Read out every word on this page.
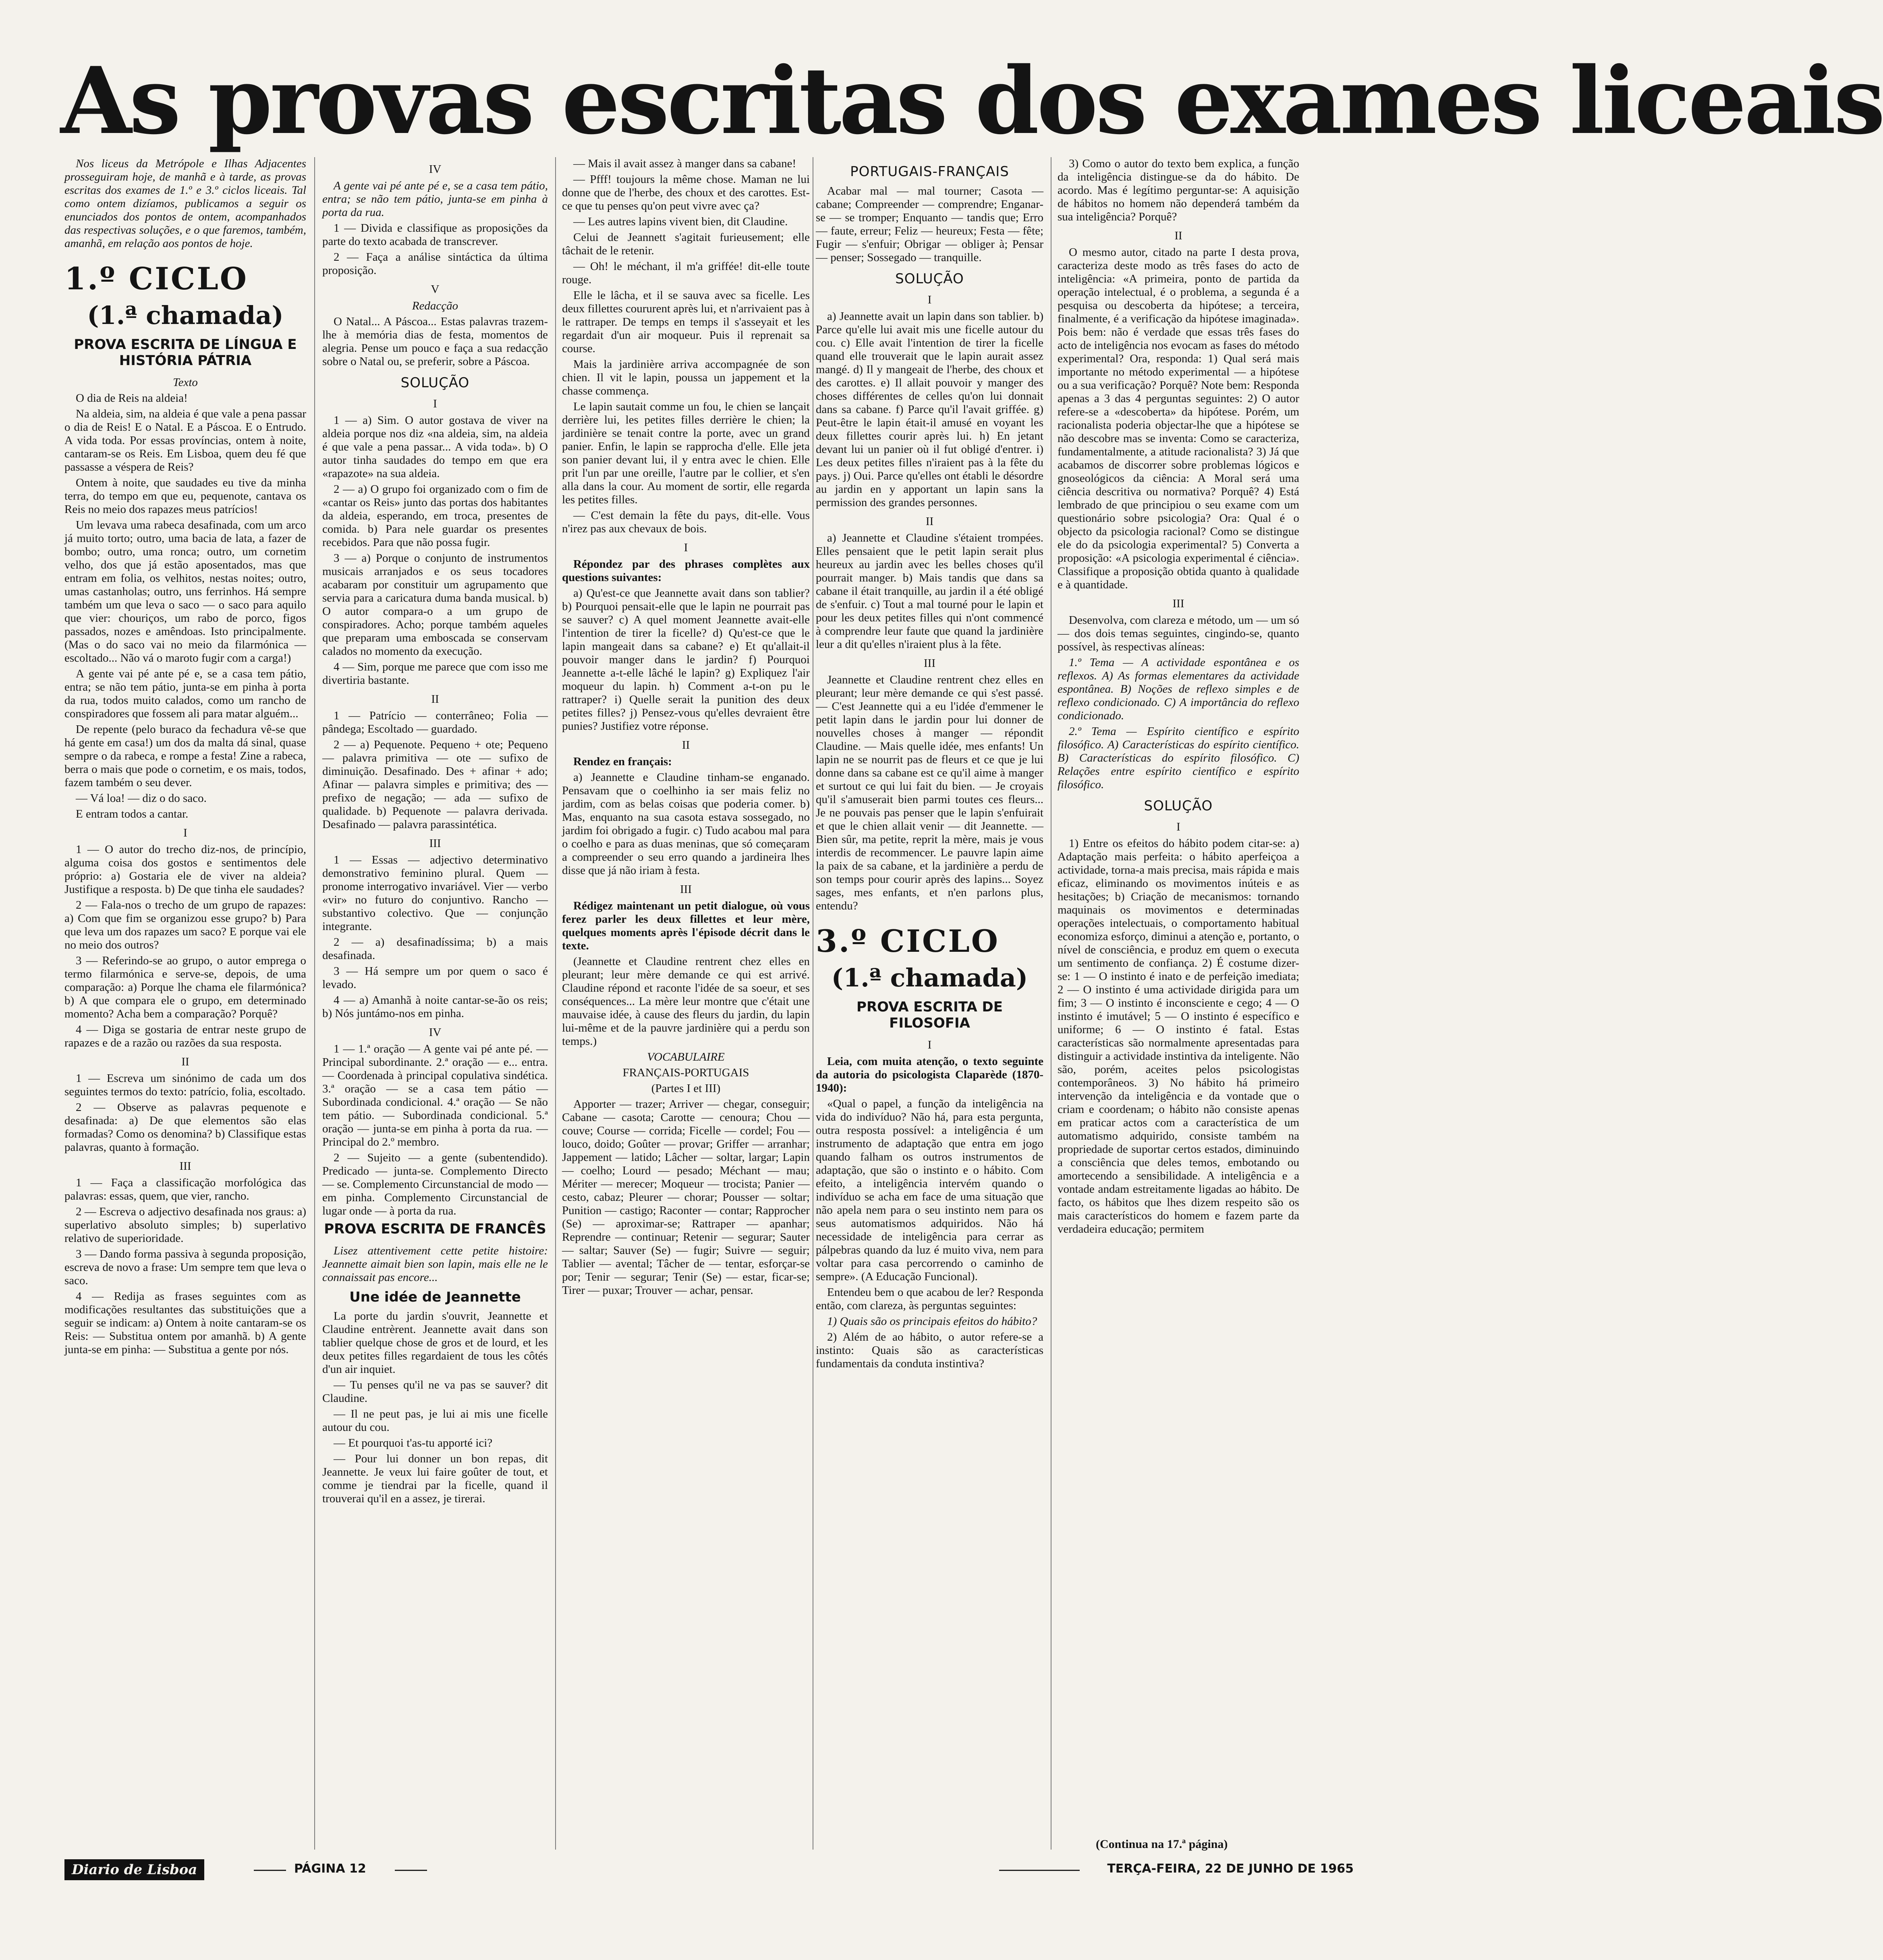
As provas escritas dos exames liceais

Nos liceus da Metrópole e Ilhas Adjacentes prosseguiram hoje, de manhã e à tarde, as provas escritas dos exames de 1.º e 3.º ciclos liceais. Tal como ontem dizíamos, publicamos a seguir os enunciados dos pontos de ontem, acompanhados das respectivas soluções, e o que faremos, também, amanhã, em relação aos pontos de hoje.

1.º CICLO
(1.ª chamada)
PROVA ESCRITA DE LÍNGUA E HISTÓRIA PÁTRIA

Texto

O dia de Reis na aldeia!

Na aldeia, sim, na aldeia é que vale a pena passar o dia de Reis! E o Natal. E a Páscoa. E o Entrudo. A vida toda. Por essas províncias, ontem à noite, cantaram-se os Reis. Em Lisboa, quem deu fé que passasse a véspera de Reis?

Ontem à noite, que saudades eu tive da minha terra, do tempo em que eu, pequenote, cantava os Reis no meio dos rapazes meus patrícios!

Um levava uma rabeca desafinada, com um arco já muito torto; outro, uma bacia de lata, a fazer de bombo; outro, uma ronca; outro, um cornetim velho, dos que já estão aposentados, mas que entram em folia, os velhitos, nestas noites; outro, umas castanholas; outro, uns ferrinhos. Há sempre também um que leva o saco — o saco para aquilo que vier: chouriços, um rabo de porco, figos passados, nozes e amêndoas. Isto principalmente. (Mas o do saco vai no meio da filarmónica — escoltado... Não vá o maroto fugir com a carga!)

A gente vai pé ante pé e, se a casa tem pátio, entra; se não tem pátio, junta-se em pinha à porta da rua, todos muito calados, como um rancho de conspiradores que fossem ali para matar alguém...

De repente (pelo buraco da fechadura vê-se que há gente em casa!) um dos da malta dá sinal, quase sempre o da rabeca, e rompe a festa! Zine a rabeca, berra o mais que pode o cornetim, e os mais, todos, fazem também o seu dever.

— Vá loa! — diz o do saco.

E entram todos a cantar.

I

1 — O autor do trecho diz-nos, de princípio, alguma coisa dos gostos e sentimentos dele próprio: a) Gostaria ele de viver na aldeia? Justifique a resposta. b) De que tinha ele saudades?

2 — Fala-nos o trecho de um grupo de rapazes: a) Com que fim se organizou esse grupo? b) Para que leva um dos rapazes um saco? E porque vai ele no meio dos outros?

3 — Referindo-se ao grupo, o autor emprega o termo filarmónica e serve-se, depois, de uma comparação: a) Porque lhe chama ele filarmónica? b) A que compara ele o grupo, em determinado momento? Acha bem a comparação? Porquê?

4 — Diga se gostaria de entrar neste grupo de rapazes e de a razão ou razões da sua resposta.

II

1 — Escreva um sinónimo de cada um dos seguintes termos do texto: patrício, folia, escoltado.

2 — Observe as palavras pequenote e desafinada: a) De que elementos são elas formadas? Como os denomina? b) Classifique estas palavras, quanto à formação.

III

1 — Faça a classificação morfológica das palavras: essas, quem, que vier, rancho.

2 — Escreva o adjectivo desafinada nos graus: a) superlativo absoluto simples; b) superlativo relativo de superioridade.

3 — Dando forma passiva à segunda proposição, escreva de novo a frase: Um sempre tem que leva o saco.

4 — Redija as frases seguintes com as modificações resultantes das substituições que a seguir se indicam: a) Ontem à noite cantaram-se os Reis: — Substitua ontem por amanhã. b) A gente junta-se em pinha: — Substitua a gente por nós.

IV

A gente vai pé ante pé e, se a casa tem pátio, entra; se não tem pátio, junta-se em pinha à porta da rua.

1 — Divida e classifique as proposições da parte do texto acabada de transcrever.

2 — Faça a análise sintáctica da última proposição.

V

Redacção

O Natal... A Páscoa... Estas palavras trazem-lhe à memória dias de festa, momentos de alegria. Pense um pouco e faça a sua redacção sobre o Natal ou, se preferir, sobre a Páscoa.

SOLUÇÃO
I

1 — a) Sim. O autor gostava de viver na aldeia porque nos diz «na aldeia, sim, na aldeia é que vale a pena passar... A vida toda». b) O autor tinha saudades do tempo em que era «rapazote» na sua aldeia.

2 — a) O grupo foi organizado com o fim de «cantar os Reis» junto das portas dos habitantes da aldeia, esperando, em troca, presentes de comida. b) Para nele guardar os presentes recebidos. Para que não possa fugir.

3 — a) Porque o conjunto de instrumentos musicais arranjados e os seus tocadores acabaram por constituir um agrupamento que servia para a caricatura duma banda musical. b) O autor compara-o a um grupo de conspiradores. Acho; porque também aqueles que preparam uma emboscada se conservam calados no momento da execução.

4 — Sim, porque me parece que com isso me divertiria bastante.

II

1 — Patrício — conterrâneo; Folia — pândega; Escoltado — guardado.

2 — a) Pequenote. Pequeno + ote; Pequeno — palavra primitiva — ote — sufixo de diminuição. Desafinado. Des + afinar + ado; Afinar — palavra simples e primitiva; des — prefixo de negação; — ada — sufixo de qualidade. b) Pequenote — palavra derivada. Desafinado — palavra parassintética.

III

1 — Essas — adjectivo determinativo demonstrativo feminino plural. Quem — pronome interrogativo invariável. Vier — verbo «vir» no futuro do conjuntivo. Rancho — substantivo colectivo. Que — conjunção integrante.

2 — a) desafinadíssima; b) a mais desafinada.

3 — Há sempre um por quem o saco é levado.

4 — a) Amanhã à noite cantar-se-ão os reis; b) Nós juntámo-nos em pinha.

IV

1 — 1.ª oração — A gente vai pé ante pé. — Principal subordinante. 2.ª oração — e... entra. — Coordenada à principal copulativa sindética. 3.ª oração — se a casa tem pátio — Subordinada condicional. 4.ª oração — Se não tem pátio. — Subordinada condicional. 5.ª oração — junta-se em pinha à porta da rua. — Principal do 2.º membro.

2 — Sujeito — a gente (subentendido). Predicado — junta-se. Complemento Directo — se. Complemento Circunstancial de modo — em pinha. Complemento Circunstancial de lugar onde — à porta da rua.

PROVA ESCRITA DE FRANCÊS

Lisez attentivement cette petite histoire: Jeannette aimait bien son lapin, mais elle ne le connaissait pas encore...

Une idée de Jeannette

La porte du jardin s'ouvrit, Jeannette et Claudine entrèrent. Jeannette avait dans son tablier quelque chose de gros et de lourd, et les deux petites filles regardaient de tous les côtés d'un air inquiet.

— Tu penses qu'il ne va pas se sauver? dit Claudine.

— Il ne peut pas, je lui ai mis une ficelle autour du cou.

— Et pourquoi t'as-tu apporté ici?

— Pour lui donner un bon repas, dit Jeannette. Je veux lui faire goûter de tout, et comme je tiendrai par la ficelle, quand il trouverai qu'il en a assez, je tirerai.

— Mais il avait assez à manger dans sa cabane!

— Pfff! toujours la même chose. Maman ne lui donne que de l'herbe, des choux et des carottes. Est-ce que tu penses qu'on peut vivre avec ça?

— Les autres lapins vivent bien, dit Claudine.

Celui de Jeannett s'agitait furieusement; elle tâchait de le retenir.

— Oh! le méchant, il m'a griffée! dit-elle toute rouge.

Elle le lâcha, et il se sauva avec sa ficelle. Les deux fillettes coururent après lui, et n'arrivaient pas à le rattraper. De temps en temps il s'asseyait et les regardait d'un air moqueur. Puis il reprenait sa course.

Mais la jardinière arriva accompagnée de son chien. Il vit le lapin, poussa un jappement et la chasse commença.

Le lapin sautait comme un fou, le chien se lançait derrière lui, les petites filles derrière le chien; la jardinière se tenait contre la porte, avec un grand panier. Enfin, le lapin se rapprocha d'elle. Elle jeta son panier devant lui, il y entra avec le chien. Elle prit l'un par une oreille, l'autre par le collier, et s'en alla dans la cour. Au moment de sortir, elle regarda les petites filles.

— C'est demain la fête du pays, dit-elle. Vous n'irez pas aux chevaux de bois.

I

Répondez par des phrases complètes aux questions suivantes:

a) Qu'est-ce que Jeannette avait dans son tablier? b) Pourquoi pensait-elle que le lapin ne pourrait pas se sauver? c) A quel moment Jeannette avait-elle l'intention de tirer la ficelle? d) Qu'est-ce que le lapin mangeait dans sa cabane? e) Et qu'allait-il pouvoir manger dans le jardin? f) Pourquoi Jeannette a-t-elle lâché le lapin? g) Expliquez l'air moqueur du lapin. h) Comment a-t-on pu le rattraper? i) Quelle serait la punition des deux petites filles? j) Pensez-vous qu'elles devraient être punies? Justifiez votre réponse.

II

Rendez en français:

a) Jeannette e Claudine tinham-se enganado. Pensavam que o coelhinho ia ser mais feliz no jardim, com as belas coisas que poderia comer. b) Mas, enquanto na sua casota estava sossegado, no jardim foi obrigado a fugir. c) Tudo acabou mal para o coelho e para as duas meninas, que só começaram a compreender o seu erro quando a jardineira lhes disse que já não iriam à festa.

III

Rédigez maintenant un petit dialogue, où vous ferez parler les deux fillettes et leur mère, quelques moments après l'épisode décrit dans le texte.

(Jeannette et Claudine rentrent chez elles en pleurant; leur mère demande ce qui est arrivé. Claudine répond et raconte l'idée de sa soeur, et ses conséquences... La mère leur montre que c'était une mauvaise idée, à cause des fleurs du jardin, du lapin lui-même et de la pauvre jardinière qui a perdu son temps.)

VOCABULAIRE

FRANÇAIS-PORTUGAIS

(Partes I et III)

Apporter — trazer; Arriver — chegar, conseguir; Cabane — casota; Carotte — cenoura; Chou — couve; Course — corrida; Ficelle — cordel; Fou — louco, doido; Goûter — provar; Griffer — arranhar; Jappement — latido; Lâcher — soltar, largar; Lapin — coelho; Lourd — pesado; Méchant — mau; Mériter — merecer; Moqueur — trocista; Panier — cesto, cabaz; Pleurer — chorar; Pousser — soltar; Punition — castigo; Raconter — contar; Rapprocher (Se) — aproximar-se; Rattraper — apanhar; Reprendre — continuar; Retenir — segurar; Sauter — saltar; Sauver (Se) — fugir; Suivre — seguir; Tablier — avental; Tâcher de — tentar, esforçar-se por; Tenir — segurar; Tenir (Se) — estar, ficar-se; Tirer — puxar; Trouver — achar, pensar.

PORTUGAIS-FRANÇAIS

Acabar mal — mal tourner; Casota — cabane; Compreender — comprendre; Enganar-se — se tromper; Enquanto — tandis que; Erro — faute, erreur; Feliz — heureux; Festa — fête; Fugir — s'enfuir; Obrigar — obliger à; Pensar — penser; Sossegado — tranquille.

SOLUÇÃO
I

a) Jeannette avait un lapin dans son tablier. b) Parce qu'elle lui avait mis une ficelle autour du cou. c) Elle avait l'intention de tirer la ficelle quand elle trouverait que le lapin aurait assez mangé. d) Il y mangeait de l'herbe, des choux et des carottes. e) Il allait pouvoir y manger des choses différentes de celles qu'on lui donnait dans sa cabane. f) Parce qu'il l'avait griffée. g) Peut-être le lapin était-il amusé en voyant les deux fillettes courir après lui. h) En jetant devant lui un panier où il fut obligé d'entrer. i) Les deux petites filles n'iraient pas à la fête du pays. j) Oui. Parce qu'elles ont établi le désordre au jardin en y apportant un lapin sans la permission des grandes personnes.

II

a) Jeannette et Claudine s'étaient trompées. Elles pensaient que le petit lapin serait plus heureux au jardin avec les belles choses qu'il pourrait manger. b) Mais tandis que dans sa cabane il était tranquille, au jardin il a été obligé de s'enfuir. c) Tout a mal tourné pour le lapin et pour les deux petites filles qui n'ont commencé à comprendre leur faute que quand la jardinière leur a dit qu'elles n'iraient plus à la fête.

III

Jeannette et Claudine rentrent chez elles en pleurant; leur mère demande ce qui s'est passé. — C'est Jeannette qui a eu l'idée d'emmener le petit lapin dans le jardin pour lui donner de nouvelles choses à manger — répondit Claudine. — Mais quelle idée, mes enfants! Un lapin ne se nourrit pas de fleurs et ce que je lui donne dans sa cabane est ce qu'il aime à manger et surtout ce qui lui fait du bien. — Je croyais qu'il s'amuserait bien parmi toutes ces fleurs... Je ne pouvais pas penser que le lapin s'enfuirait et que le chien allait venir — dit Jeannette. — Bien sûr, ma petite, reprit la mère, mais je vous interdis de recommencer. Le pauvre lapin aime la paix de sa cabane, et la jardinière a perdu de son temps pour courir après des lapins... Soyez sages, mes enfants, et n'en parlons plus, entendu?

3.º CICLO
(1.ª chamada)
PROVA ESCRITA DE FILOSOFIA
I

Leia, com muita atenção, o texto seguinte da autoria do psicologista Claparède (1870-1940):

«Qual o papel, a função da inteligência na vida do indivíduo? Não há, para esta pergunta, outra resposta possível: a inteligência é um instrumento de adaptação que entra em jogo quando falham os outros instrumentos de adaptação, que são o instinto e o hábito. Com efeito, a inteligência intervém quando o indivíduo se acha em face de uma situação que não apela nem para o seu instinto nem para os seus automatismos adquiridos. Não há necessidade de inteligência para cerrar as pálpebras quando da luz é muito viva, nem para voltar para casa percorrendo o caminho de sempre». (A Educação Funcional).

Entendeu bem o que acabou de ler? Responda então, com clareza, às perguntas seguintes:

1) Quais são os principais efeitos do hábito?

2) Além de ao hábito, o autor refere-se a instinto: Quais são as características fundamentais da conduta instintiva?

3) Como o autor do texto bem explica, a função da inteligência distingue-se da do hábito. De acordo. Mas é legítimo perguntar-se: A aquisição de hábitos no homem não dependerá também da sua inteligência? Porquê?

II

O mesmo autor, citado na parte I desta prova, caracteriza deste modo as três fases do acto de inteligência: «A primeira, ponto de partida da operação intelectual, é o problema, a segunda é a pesquisa ou descoberta da hipótese; a terceira, finalmente, é a verificação da hipótese imaginada». Pois bem: não é verdade que essas três fases do acto de inteligência nos evocam as fases do método experimental? Ora, responda: 1) Qual será mais importante no método experimental — a hipótese ou a sua verificação? Porquê? Note bem: Responda apenas a 3 das 4 perguntas seguintes: 2) O autor refere-se a «descoberta» da hipótese. Porém, um racionalista poderia objectar-lhe que a hipótese se não descobre mas se inventa: Como se caracteriza, fundamentalmente, a atitude racionalista? 3) Já que acabamos de discorrer sobre problemas lógicos e gnoseológicos da ciência: A Moral será uma ciência descritiva ou normativa? Porquê? 4) Está lembrado de que principiou o seu exame com um questionário sobre psicologia? Ora: Qual é o objecto da psicologia racional? Como se distingue ele do da psicologia experimental? 5) Converta a proposição: «A psicologia experimental é ciência». Classifique a proposição obtida quanto à qualidade e à quantidade.

III

Desenvolva, com clareza e método, um — um só — dos dois temas seguintes, cingindo-se, quanto possível, às respectivas alíneas:

1.º Tema — A actividade espontânea e os reflexos. A) As formas elementares da actividade espontânea. B) Noções de reflexo simples e de reflexo condicionado. C) A importância do reflexo condicionado.

2.º Tema — Espírito científico e espírito filosófico. A) Características do espírito científico. B) Características do espírito filosófico. C) Relações entre espírito científico e espírito filosófico.

SOLUÇÃO
I

1) Entre os efeitos do hábito podem citar-se: a) Adaptação mais perfeita: o hábito aperfeiçoa a actividade, torna-a mais precisa, mais rápida e mais eficaz, eliminando os movimentos inúteis e as hesitações; b) Criação de mecanismos: tornando maquinais os movimentos e determinadas operações intelectuais, o comportamento habitual economiza esforço, diminui a atenção e, portanto, o nível de consciência, e produz em quem o executa um sentimento de confiança. 2) É costume dizer-se: 1 — O instinto é inato e de perfeição imediata; 2 — O instinto é uma actividade dirigida para um fim; 3 — O instinto é inconsciente e cego; 4 — O instinto é imutável; 5 — O instinto é específico e uniforme; 6 — O instinto é fatal. Estas características são normalmente apresentadas para distinguir a actividade instintiva da inteligente. Não são, porém, aceites pelos psicologistas contemporâneos. 3) No hábito há primeiro intervenção da inteligência e da vontade que o criam e coordenam; o hábito não consiste apenas em praticar actos com a característica de um automatismo adquirido, consiste também na propriedade de suportar certos estados, diminuindo a consciência que deles temos, embotando ou amortecendo a sensibilidade. A inteligência e a vontade andam estreitamente ligadas ao hábito. De facto, os hábitos que lhes dizem respeito são os mais característicos do homem e fazem parte da verdadeira educação; permitem

(Continua na 17.ª página)
Diario de Lisboa	PÁGINA 12	TERÇA-FEIRA, 22 DE JUNHO DE 1965
